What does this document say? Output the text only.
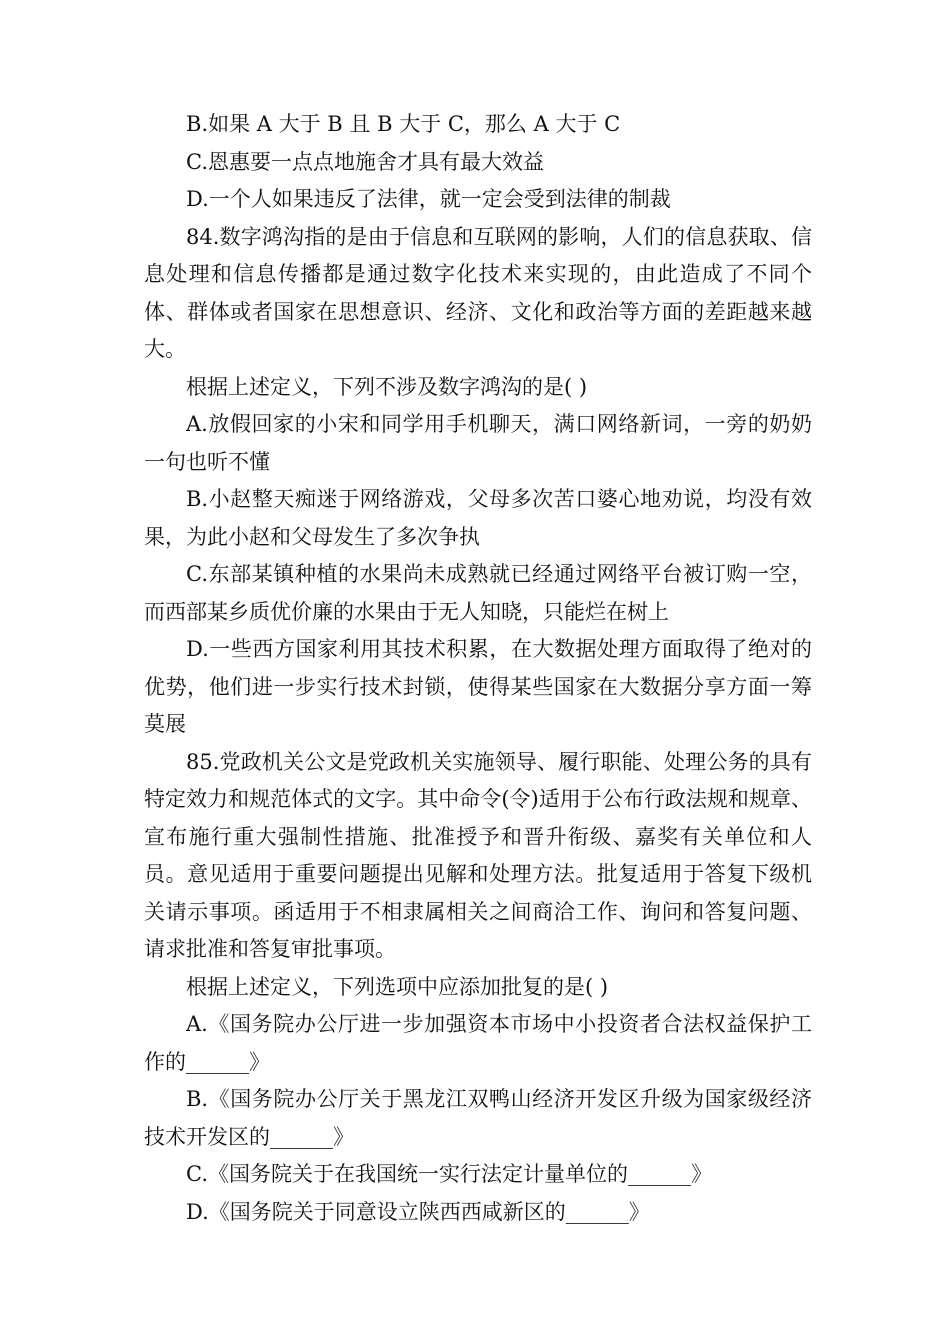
B.如果 A 大于 B 且 B 大于 C，那么 A 大于 C

C.恩惠要一点点地施舍才具有最大效益

D.一个人如果违反了法律，就一定会受到法律的制裁

84.数字鸿沟指的是由于信息和互联网的影响，人们的信息获取、信息处理和信息传播都是通过数字化技术来实现的，由此造成了不同个体、群体或者国家在思想意识、经济、文化和政治等方面的差距越来越大。

根据上述定义，下列不涉及数字鸿沟的是( )

A.放假回家的小宋和同学用手机聊天，满口网络新词，一旁的奶奶一句也听不懂

B.小赵整天痴迷于网络游戏，父母多次苦口婆心地劝说，均没有效果，为此小赵和父母发生了多次争执

C.东部某镇种植的水果尚未成熟就已经通过网络平台被订购一空，而西部某乡质优价廉的水果由于无人知晓，只能烂在树上

D.一些西方国家利用其技术积累，在大数据处理方面取得了绝对的优势，他们进一步实行技术封锁，使得某些国家在大数据分享方面一筹莫展

85.党政机关公文是党政机关实施领导、履行职能、处理公务的具有特定效力和规范体式的文字。其中命令(令)适用于公布行政法规和规章、宣布施行重大强制性措施、批准授予和晋升衔级、嘉奖有关单位和人员。意见适用于重要问题提出见解和处理方法。批复适用于答复下级机关请示事项。函适用于不相隶属相关之间商洽工作、询问和答复问题、请求批准和答复审批事项。

根据上述定义，下列选项中应添加批复的是( )

A.《国务院办公厅进一步加强资本市场中小投资者合法权益保护工作的______》

B.《国务院办公厅关于黑龙江双鸭山经济开发区升级为国家级经济技术开发区的______》

C.《国务院关于在我国统一实行法定计量单位的______》

D.《国务院关于同意设立陕西西咸新区的______》
